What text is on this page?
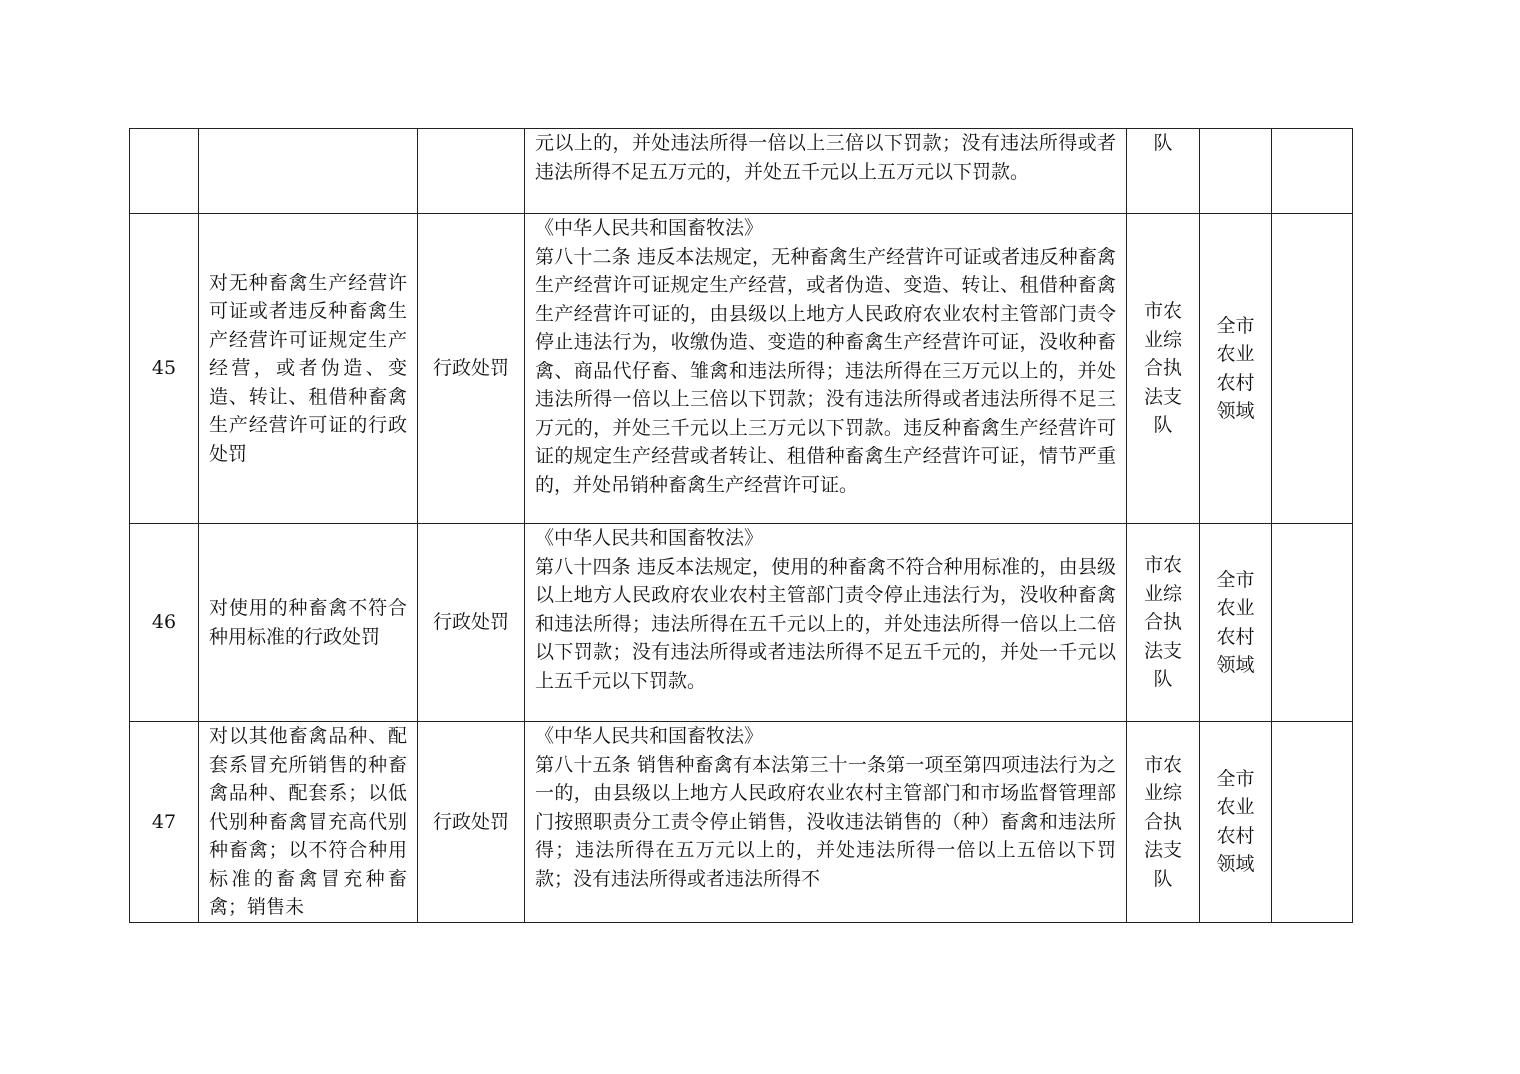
			元以上的，并处违法所得一倍以上三倍以下罚款；没有违法所得或者违法所得不足五万元的，并处五千元以上五万元以下罚款。	队		
45	对无种畜禽生产经营许可证或者违反种畜禽生产经营许可证规定生产经营，或者伪造、变造、转让、租借种畜禽生产经营许可证的行政处罚	行政处罚	《中华人民共和国畜牧法》
第八十二条 违反本法规定，无种畜禽生产经营许可证或者违反种畜禽生产经营许可证规定生产经营，或者伪造、变造、转让、租借种畜禽生产经营许可证的，由县级以上地方人民政府农业农村主管部门责令停止违法行为，收缴伪造、变造的种畜禽生产经营许可证，没收种畜禽、商品代仔畜、雏禽和违法所得；违法所得在三万元以上的，并处违法所得一倍以上三倍以下罚款；没有违法所得或者违法所得不足三万元的，并处三千元以上三万元以下罚款。违反种畜禽生产经营许可证的规定生产经营或者转让、租借种畜禽生产经营许可证，情节严重的，并处吊销种畜禽生产经营许可证。	市农业综合执法支队	全市农业农村领域	
46	对使用的种畜禽不符合种用标准的行政处罚	行政处罚	《中华人民共和国畜牧法》
第八十四条 违反本法规定，使用的种畜禽不符合种用标准的，由县级以上地方人民政府农业农村主管部门责令停止违法行为，没收种畜禽和违法所得；违法所得在五千元以上的，并处违法所得一倍以上二倍以下罚款；没有违法所得或者违法所得不足五千元的，并处一千元以上五千元以下罚款。	市农业综合执法支队	全市农业农村领域	
47	对以其他畜禽品种、配套系冒充所销售的种畜禽品种、配套系；以低代别种畜禽冒充高代别种畜禽；以不符合种用标准的畜禽冒充种畜禽；销售未	行政处罚	《中华人民共和国畜牧法》
第八十五条 销售种畜禽有本法第三十一条第一项至第四项违法行为之一的，由县级以上地方人民政府农业农村主管部门和市场监督管理部门按照职责分工责令停止销售，没收违法销售的（种）畜禽和违法所得；违法所得在五万元以上的，并处违法所得一倍以上五倍以下罚款；没有违法所得或者违法所得不	市农业综合执法支队	全市农业农村领域	
